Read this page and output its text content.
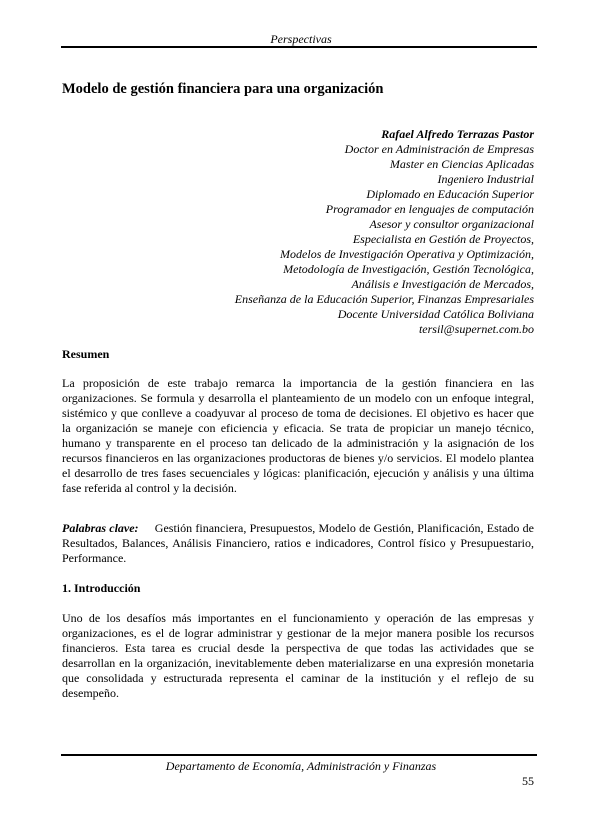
Perspectivas
Modelo de gestión financiera para una organización
Rafael Alfredo Terrazas Pastor
Doctor en Administración de Empresas
Master en Ciencias Aplicadas
Ingeniero Industrial
Diplomado en Educación Superior
Programador en lenguajes de computación
Asesor y consultor organizacional
Especialista en Gestión de Proyectos,
Modelos de Investigación Operativa y Optimización,
Metodología de Investigación, Gestión Tecnológica,
Análisis e Investigación de Mercados,
Enseñanza de la Educación Superior, Finanzas Empresariales
Docente Universidad Católica Boliviana
tersil@supernet.com.bo
Resumen
La proposición de este trabajo remarca la importancia de la gestión financiera en las organizaciones. Se formula y desarrolla el planteamiento de un modelo con un enfoque integral, sistémico y que conlleve a coadyuvar al proceso de toma de decisiones. El objetivo es hacer que la organización se maneje con eficiencia y eficacia. Se trata de propiciar un manejo técnico, humano y transparente en el proceso tan delicado de la administración y la asignación de los recursos financieros en las organizaciones productoras de bienes y/o servicios. El modelo plantea el desarrollo de tres fases secuenciales y lógicas: planificación, ejecución y análisis y una última fase referida al control y la decisión.
Palabras clave: Gestión financiera, Presupuestos, Modelo de Gestión, Planificación, Estado de Resultados, Balances, Análisis Financiero, ratios e indicadores, Control físico y Presupuestario, Performance.
1. Introducción
Uno de los desafíos más importantes en el funcionamiento y operación de las empresas y organizaciones, es el de lograr administrar y gestionar de la mejor manera posible los recursos financieros. Esta tarea es crucial desde la perspectiva de que todas las actividades que se desarrollan en la organización, inevitablemente deben materializarse en una expresión monetaria que consolidada y estructurada representa el caminar de la institución y el reflejo de su desempeño.
Departamento de Economía, Administración y Finanzas
55
